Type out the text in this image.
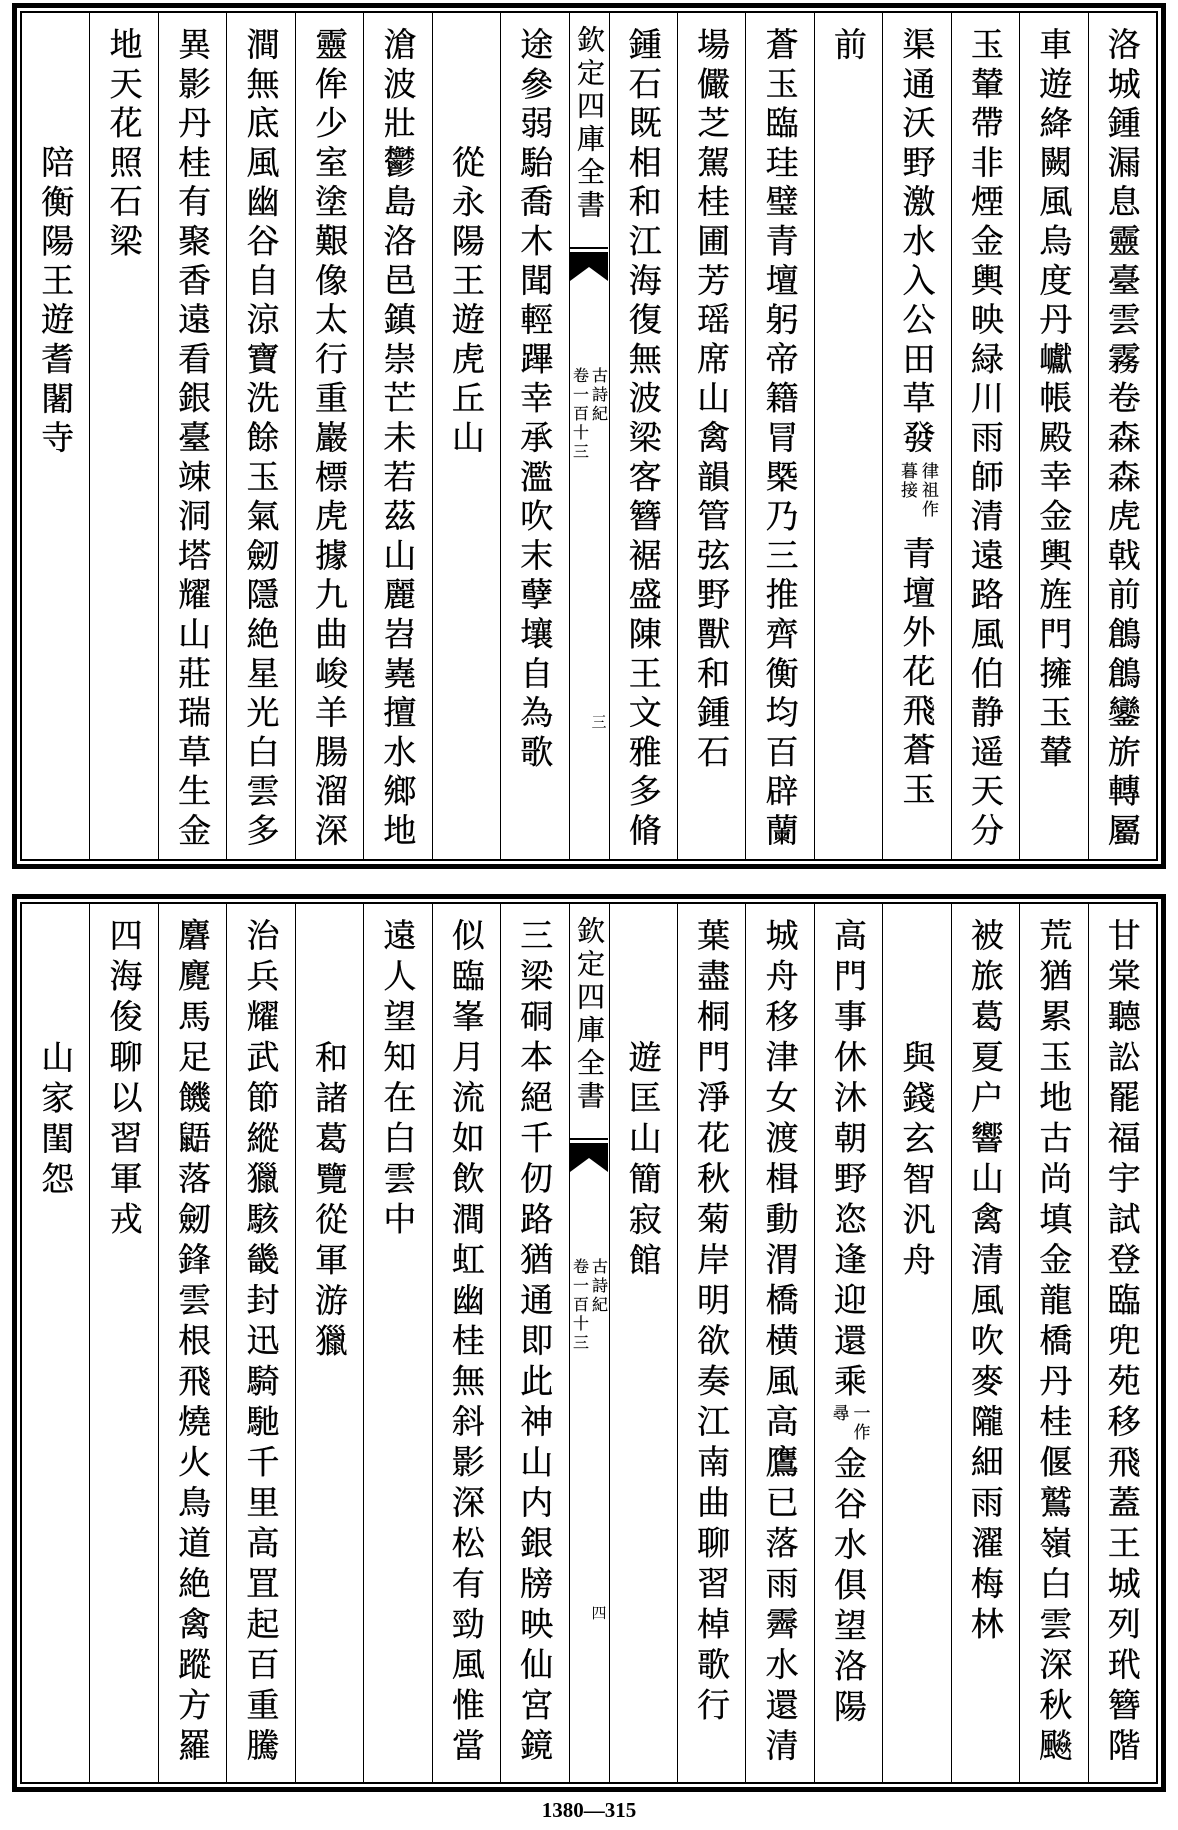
洛城鍾漏息靈臺雲霧卷森森虎戟前鶬鶬鑾旂轉屬
車遊絳闕風烏度丹巘帳殿幸金輿旌門擁玉輦
玉輦帶非煙金輿映緑川雨師清遠路風伯静遥天分
渠通沃野激水入公田草發
律祖作
暮接
青壇外花飛蒼玉
前
蒼玉臨珪璧青壇躬帝籍冐槩乃三推齊衡均百辟蘭
場儼芝駕桂圃芳瑶席山禽韻管弦野獸和鍾石
鍾石既相和江海復無波梁客簪裾盛陳王文雅多脩
欽定四庫全書
古詩紀
卷一百十三
三
途參弱駘喬木聞輕蹕幸承濫吹末孽壤自為歌
從永陽王遊虎丘山
滄波壯鬱島洛邑鎮崇芒未若茲山麗岧嶤擅水鄉地
靈侔少室塗艱像太行重巖標虎據九曲峻羊腸溜深
澗無底風幽谷自涼寶洗餘玉氣劒隱絶星光白雲多
異影丹桂有聚香遠看銀臺竦洞塔耀山莊瑞草生金
地天花照石梁
陪衡陽王遊耆闍寺
甘棠聽訟罷福宇試登臨兜苑移飛蓋王城列玳簪階
荒猶累玉地古尚填金龍橋丹桂偃鷲嶺白雲深秋飈
被旅葛夏户響山禽清風吹麥隴細雨濯梅林
與錢玄智汎舟
高門事休沐朝野恣逢迎還乘
一作
尋
金谷水俱望洛陽
城舟移津女渡楫動渭橋横風高鷹已落雨霽水還清
葉盡桐門淨花秋菊岸明欲奏江南曲聊習棹歌行
遊匡山簡寂館
欽定四庫全書
古詩紀
卷一百十三
四
三梁硐本絕千仞路猶通即此神山内銀牓映仙宮鏡
似臨峯月流如飲澗虹幽桂無斜影深松有勁風惟當
遠人望知在白雲中
和諸葛覽從軍游獵
治兵耀武節縱獵駭畿封迅騎馳千里高罝起百重騰
麏麑馬足饑鼯落劒鋒雲根飛燒火鳥道絶禽蹤方羅
四海俊聊以習軍戎
山家閨怨
1380—315
